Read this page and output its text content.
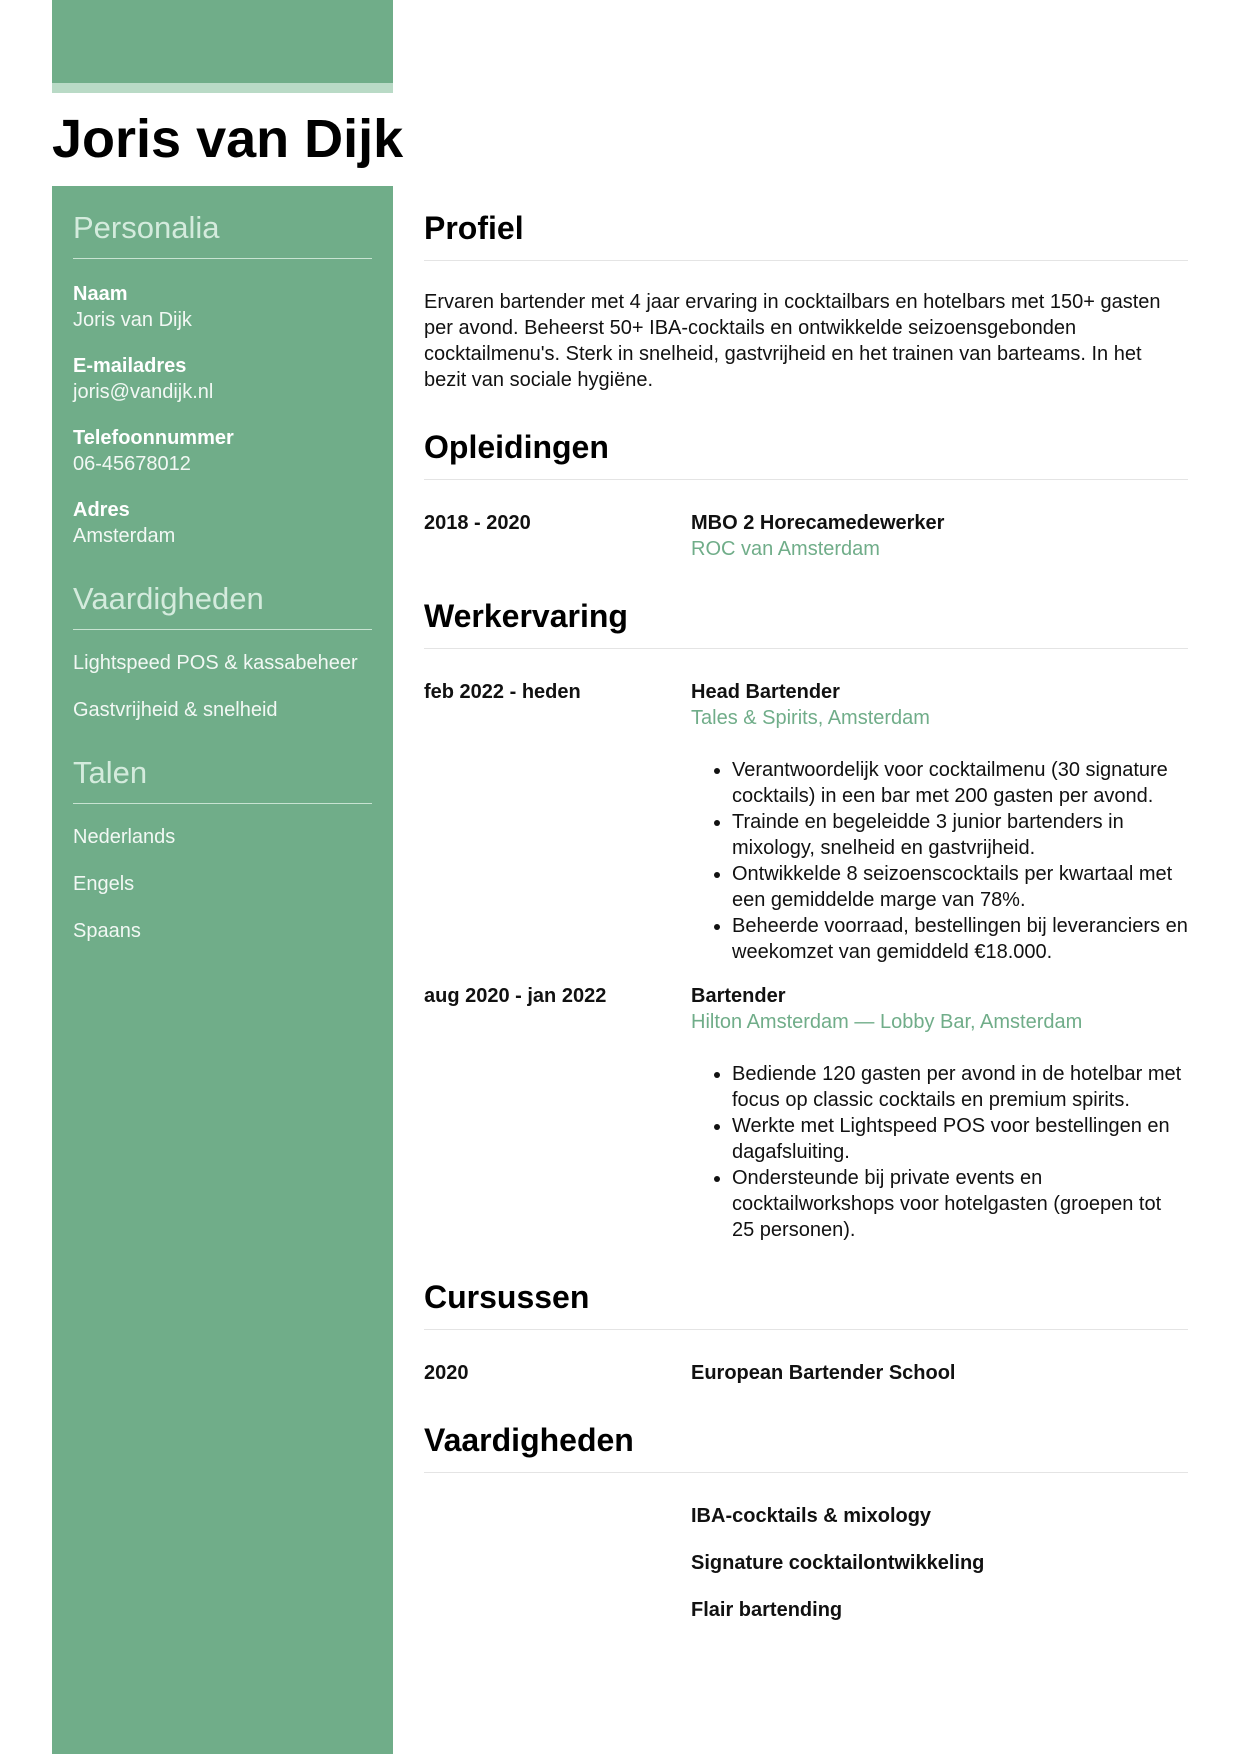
Joris van Dijk
Personalia
Naam
Joris van Dijk
E-mailadres
joris@vandijk.nl
Telefoonnummer
06-45678012
Adres
Amsterdam
Vaardigheden
Lightspeed POS & kassabeheer
Gastvrijheid & snelheid
Talen
Nederlands
Engels
Spaans
Profiel

Ervaren bartender met 4 jaar ervaring in cocktailbars en hotelbars met 150+ gasten per avond. Beheerst 50+ IBA-cocktails en ontwikkelde seizoensgebonden cocktailmenu's. Sterk in snelheid, gastvrijheid en het trainen van barteams. In het bezit van sociale hygiëne.

Opleidingen
2018 - 2020	MBO 2 Horecamedewerker
ROC van Amsterdam
Werkervaring
feb 2022 - heden	Head Bartender
Tales & Spirits, Amsterdam
• Verantwoordelijk voor cocktailmenu (30 signature cocktails) in een bar met 200 gasten per avond.
• Trainde en begeleidde 3 junior bartenders in mixology, snelheid en gastvrijheid.
• Ontwikkelde 8 seizoenscocktails per kwartaal met een gemiddelde marge van 78%.
• Beheerde voorraad, bestellingen bij leveranciers en weekomzet van gemiddeld €18.000.
aug 2020 - jan 2022	Bartender
Hilton Amsterdam — Lobby Bar, Amsterdam
• Bediende 120 gasten per avond in de hotelbar met focus op classic cocktails en premium spirits.
• Werkte met Lightspeed POS voor bestellingen en dagafsluiting.
• Ondersteunde bij private events en cocktailworkshops voor hotelgasten (groepen tot 25 personen).
Cursussen
2020	European Bartender School
Vaardigheden
IBA-cocktails & mixology
Signature cocktailontwikkeling
Flair bartending
